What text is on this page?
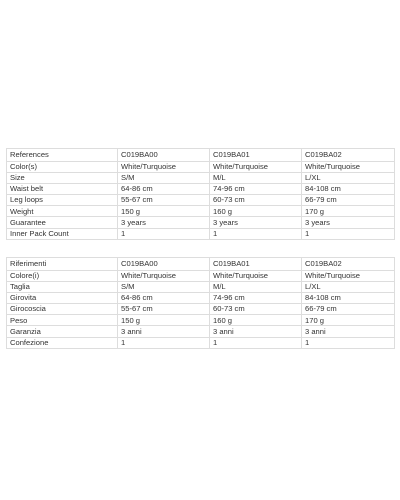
References	C019BA00	C019BA01	C019BA02
Color(s)	White/Turquoise	White/Turquoise	White/Turquoise
Size	S/M	M/L	L/XL
Waist belt	64-86 cm	74-96 cm	84-108 cm
Leg loops	55-67 cm	60-73 cm	66-79 cm
Weight	150 g	160 g	170 g
Guarantee	3 years	3 years	3 years
Inner Pack Count	1	1	1
Riferimenti	C019BA00	C019BA01	C019BA02
Colore(i)	White/Turquoise	White/Turquoise	White/Turquoise
Taglia	S/M	M/L	L/XL
Girovita	64-86 cm	74-96 cm	84-108 cm
Girocoscia	55-67 cm	60-73 cm	66-79 cm
Peso	150 g	160 g	170 g
Garanzia	3 anni	3 anni	3 anni
Confezione	1	1	1
